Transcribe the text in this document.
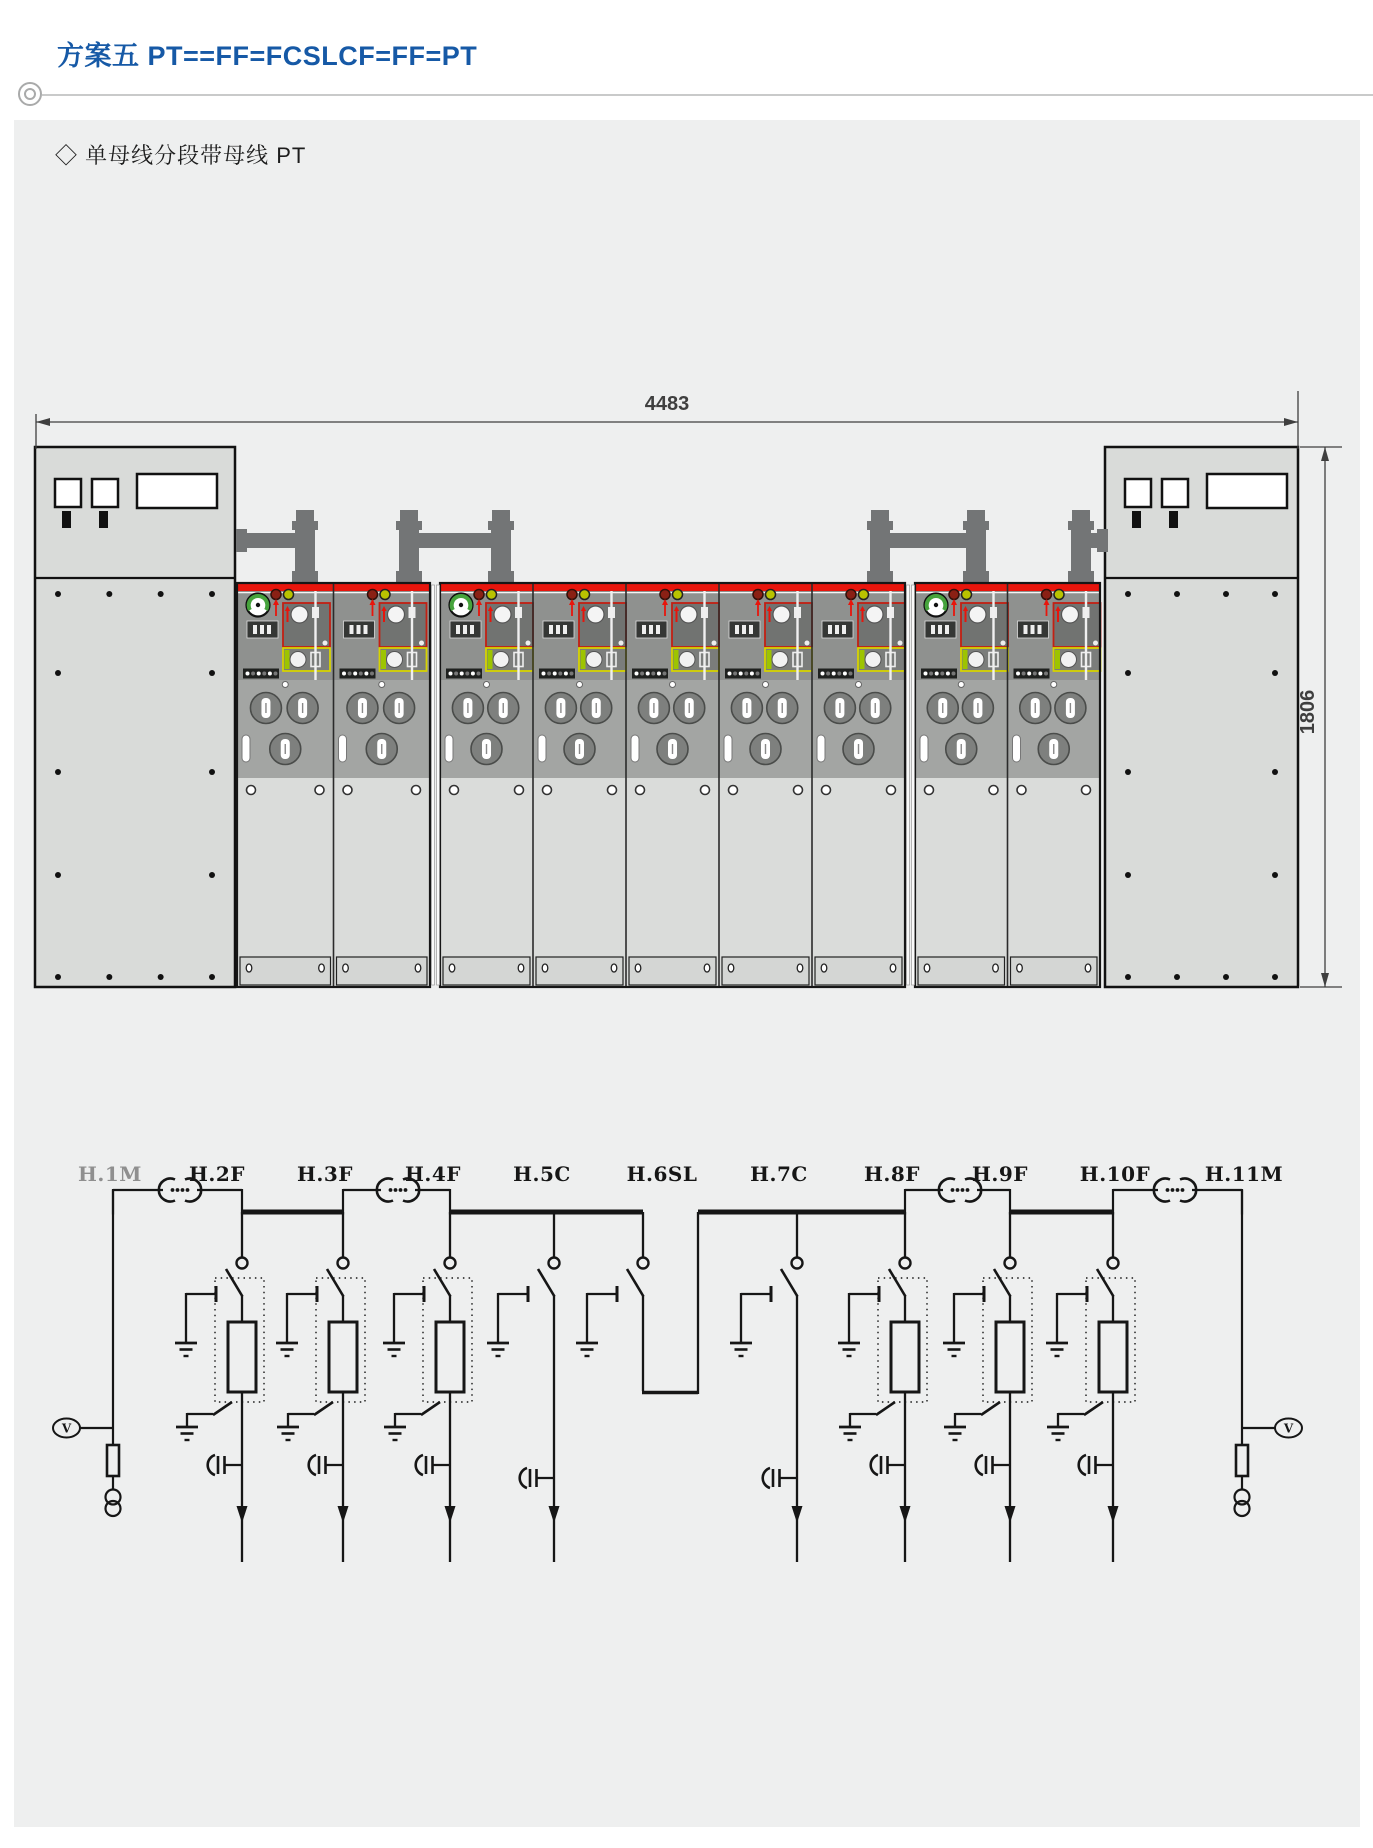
方案五 PT==FF=FCSLCF=FF=PT
◇ 单母线分段带母线 PT
4483
1806
H.1M
V
H.2F	H.3F	H.4F	H.5C	H.6SL	H.7C	H.8F	H.9F	H.10F	H.11M
V
